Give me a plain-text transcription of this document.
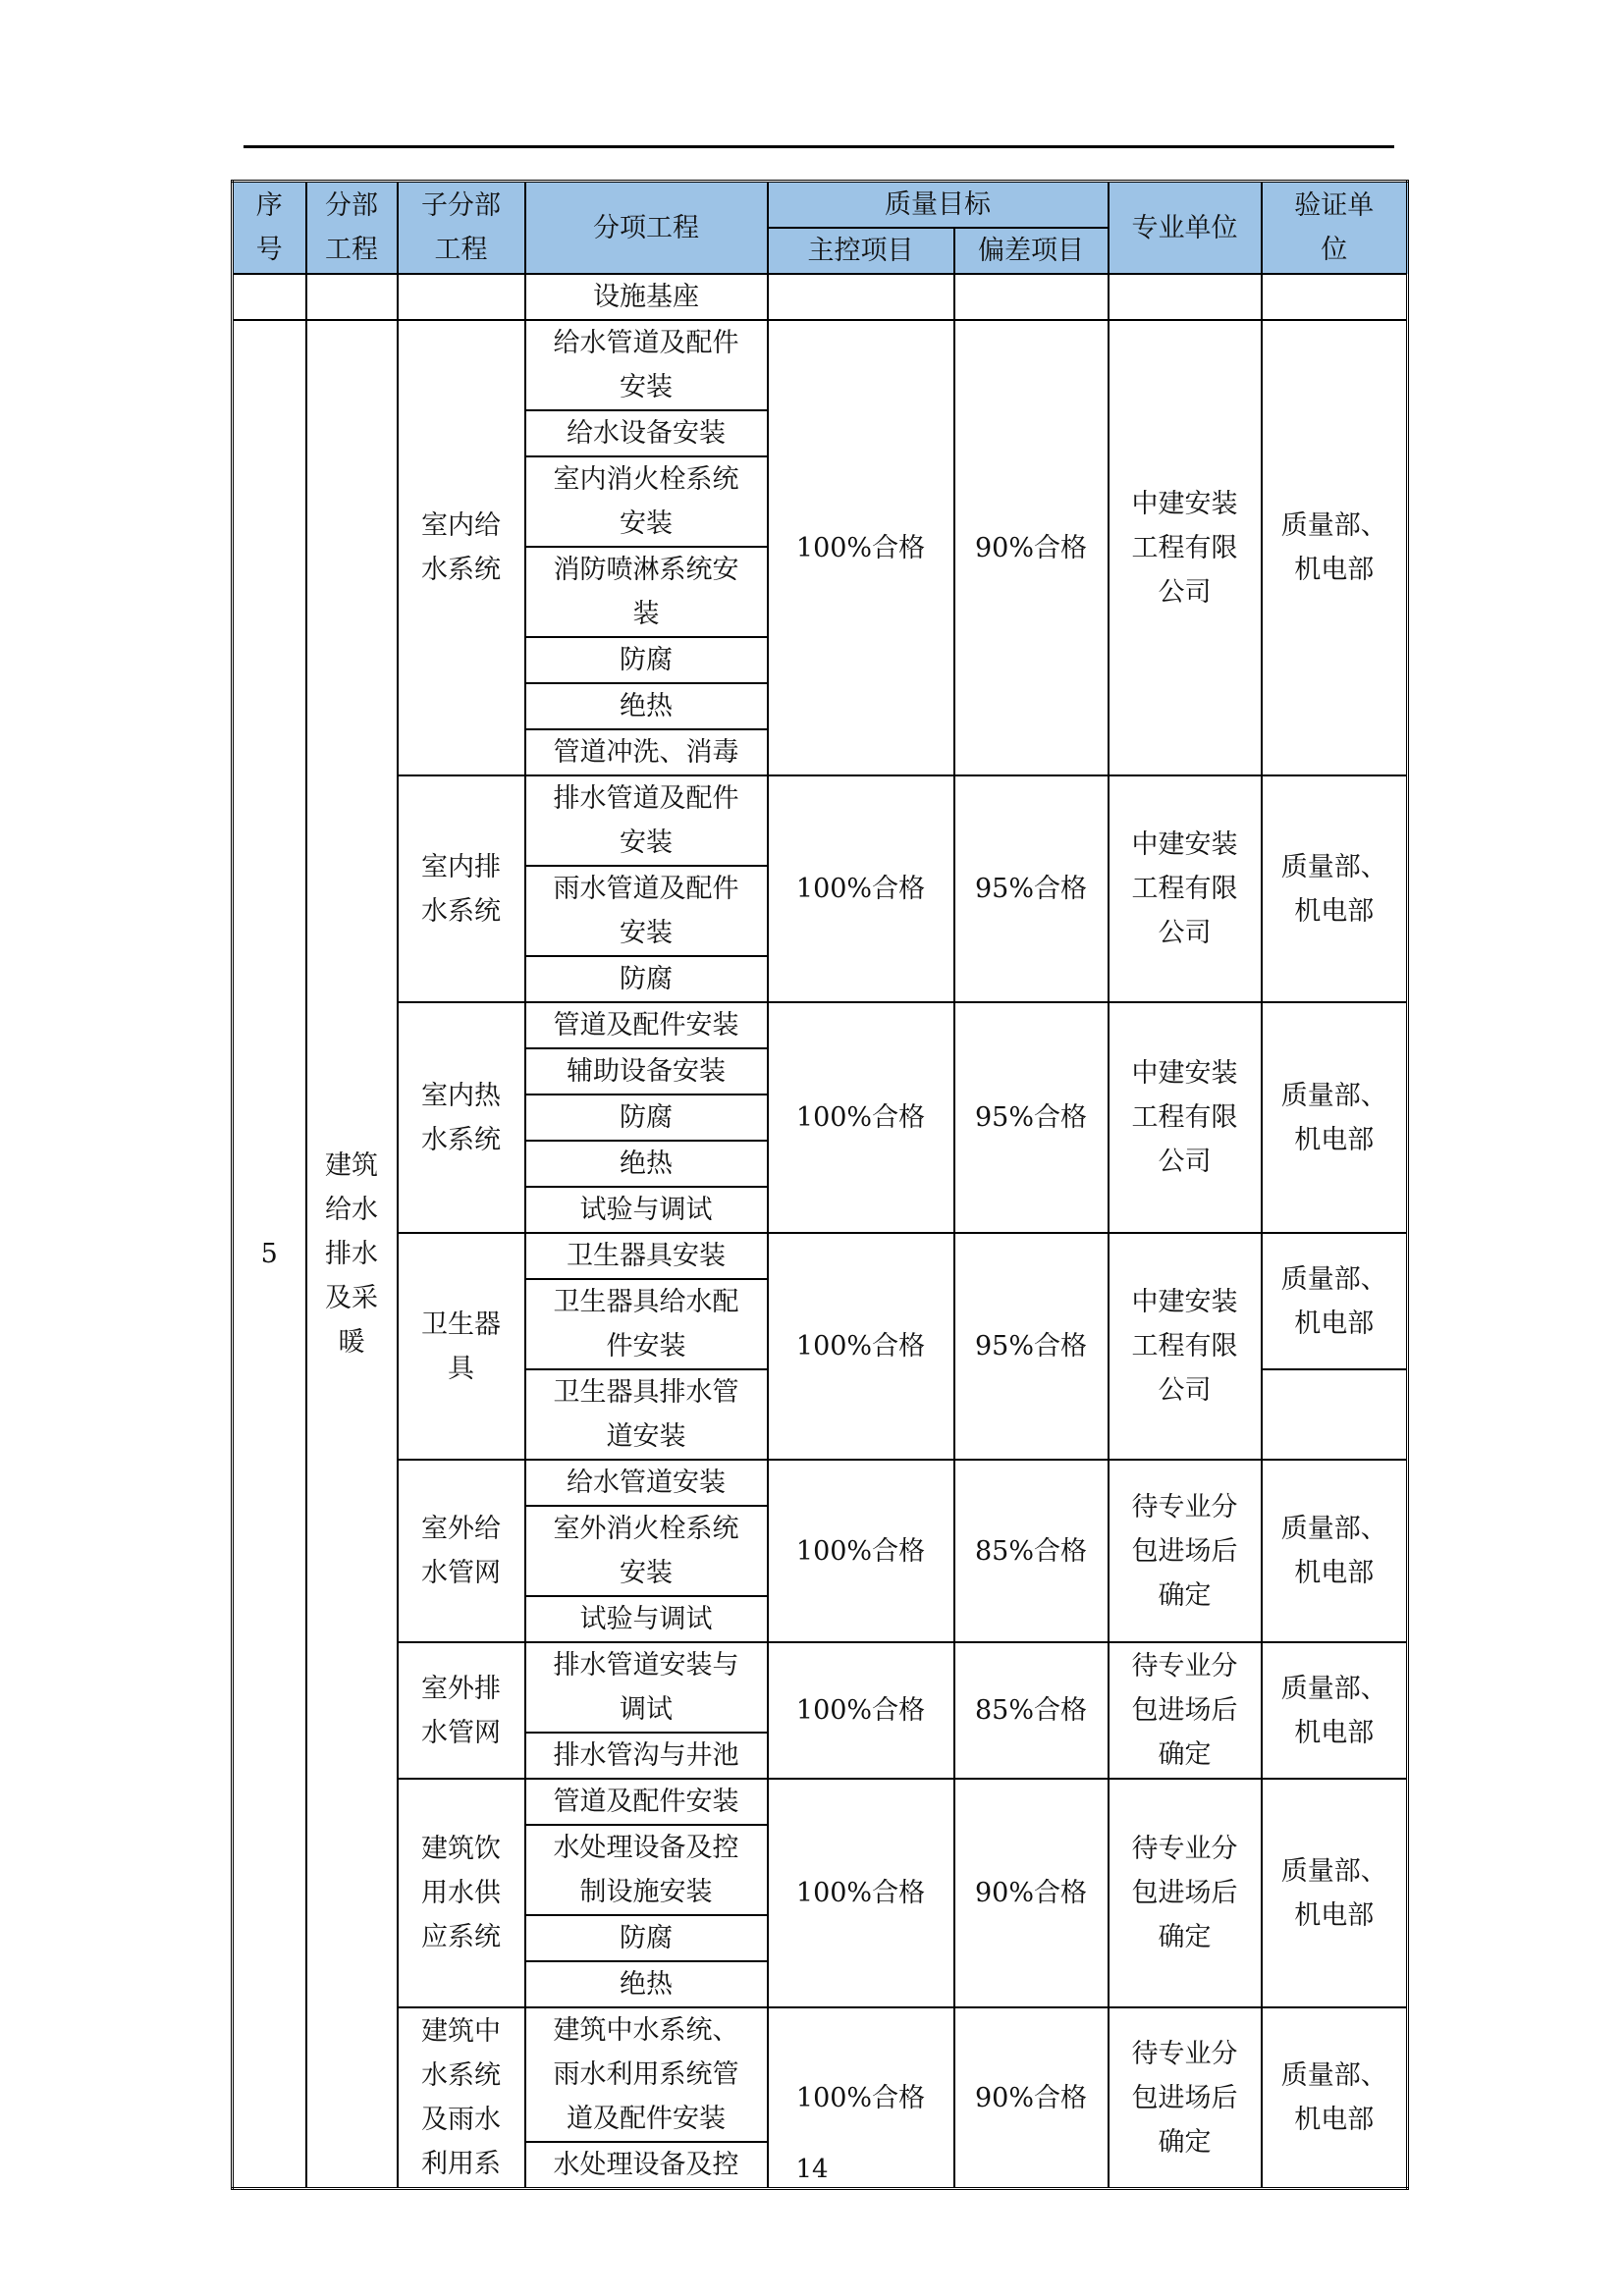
序号	分部工程	子分部工程	分项工程	质量目标		专业单位	验证单位

				主控项目	偏差项目		
			设施基座				
5	建筑给水排水及采暖	室内给水系统	给水管道及配件安装	100%合格	90%合格	中建安装工程有限公司	质量部、机电部

			给水设备安装				

			室内消火栓系统安装				

			消防喷淋系统安装				

			防腐				

			绝热				

			管道冲洗、消毒				

		室内排水系统	排水管道及配件安装	100%合格	95%合格	中建安装工程有限公司	质量部、机电部

			雨水管道及配件安装				

			防腐				

		室内热水系统	管道及配件安装	100%合格	95%合格	中建安装工程有限公司	质量部、机电部

			辅助设备安装				

			防腐				

			绝热				

			试验与调试				

		卫生器具	卫生器具安装	100%合格	95%合格	中建安装工程有限公司	质量部、机电部

			卫生器具给水配件安装				

			卫生器具排水管道安装				

		室外给水管网	给水管道安装	100%合格	85%合格	待专业分包进场后确定	质量部、机电部

			室外消火栓系统安装				

			试验与调试				

		室外排水管网	排水管道安装与调试	100%合格	85%合格	待专业分包进场后确定	质量部、机电部

			排水管沟与井池				

		建筑饮用水供应系统	管道及配件安装	100%合格	90%合格	待专业分包进场后确定	质量部、机电部

			水处理设备及控制设施安装				

			防腐				

			绝热				

		建筑中水系统及雨水利用系	建筑中水系统、雨水利用系统管道及配件安装	100%合格	90%合格	待专业分包进场后确定	质量部、机电部

			水处理设备及控					14
